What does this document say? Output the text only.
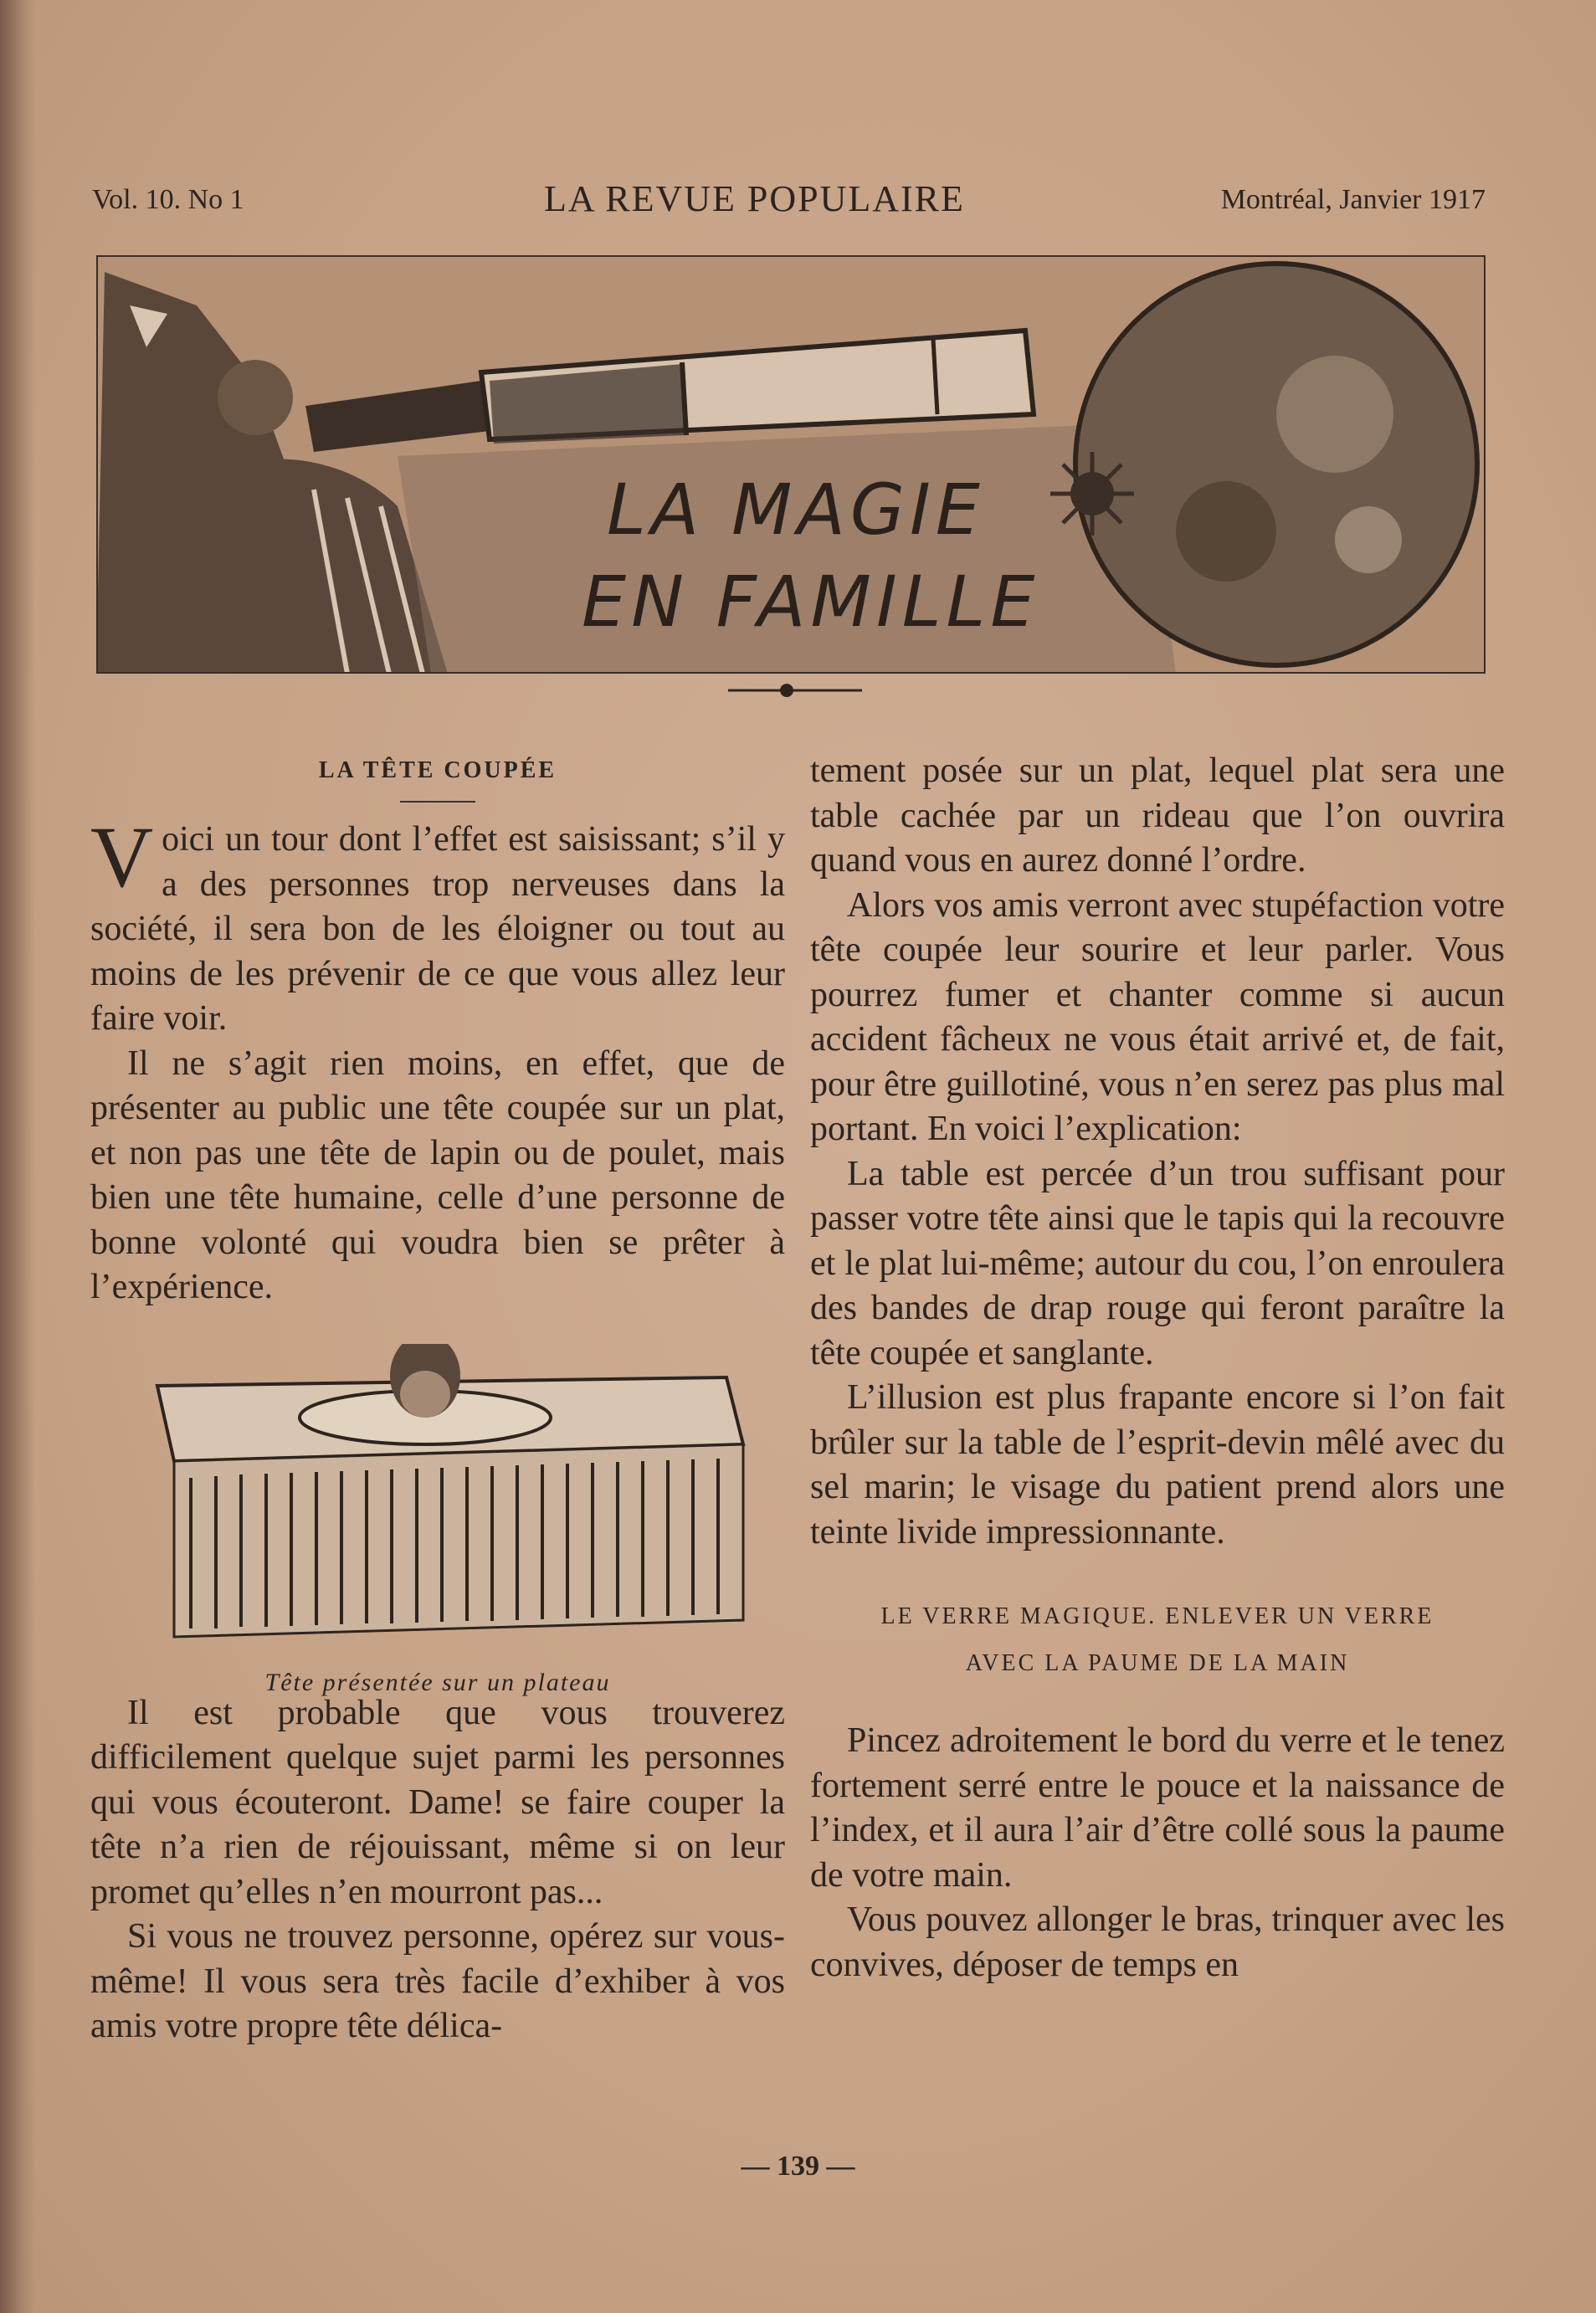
Vol. 10. No 1	LA REVUE POPULAIRE	Montréal, Janvier 1917
LA MAGIE
EN FAMILLE
LA TÊTE COUPÉE

Voici un tour dont l’effet est saisissant; s’il y a des personnes trop nerveuses dans la société, il sera bon de les éloigner ou tout au moins de les prévenir de ce que vous allez leur faire voir.

Il ne s’agit rien moins, en effet, que de présenter au public une tête coupée sur un plat, et non pas une tête de lapin ou de poulet, mais bien une tête humaine, celle d’une personne de bonne volonté qui voudra bien se prêter à l’expérience.

Tête présentée sur un plateau

Il est probable que vous trouverez difficilement quelque sujet parmi les personnes qui vous écouteront. Dame! se faire couper la tête n’a rien de réjouissant, même si on leur promet qu’elles n’en mourront pas...

Si vous ne trouvez personne, opérez sur vous-même! Il vous sera très facile d’exhiber à vos amis votre propre tête délica-

tement posée sur un plat, lequel plat sera une table cachée par un rideau que l’on ouvrira quand vous en aurez donné l’ordre.

Alors vos amis verront avec stupéfaction votre tête coupée leur sourire et leur parler. Vous pourrez fumer et chanter comme si aucun accident fâcheux ne vous était arrivé et, de fait, pour être guillotiné, vous n’en serez pas plus mal portant. En voici l’explication:

La table est percée d’un trou suffisant pour passer votre tête ainsi que le tapis qui la recouvre et le plat lui-même; autour du cou, l’on enroulera des bandes de drap rouge qui feront paraître la tête coupée et sanglante.

L’illusion est plus frapante encore si l’on fait brûler sur la table de l’esprit-devin mêlé avec du sel marin; le visage du patient prend alors une teinte livide impressionnante.

LE VERRE MAGIQUE. ENLEVER UN VERRE
AVEC LA PAUME DE LA MAIN

Pincez adroitement le bord du verre et le tenez fortement serré entre le pouce et la naissance de l’index, et il aura l’air d’être collé sous la paume de votre main.

Vous pouvez allonger le bras, trinquer avec les convives, déposer de temps en

— 139 —
